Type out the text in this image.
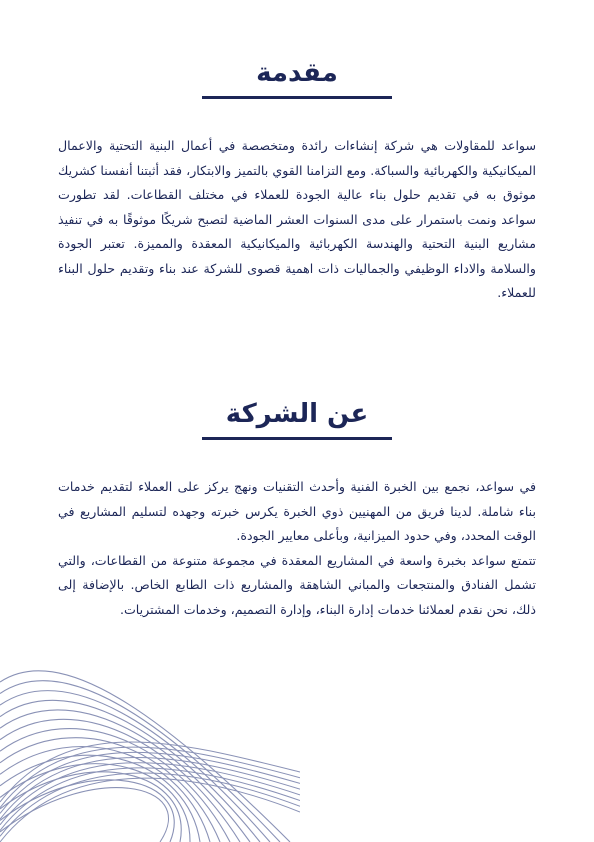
مقدمة

سواعد للمقاولات هي شركة إنشاءات رائدة ومتخصصة في أعمال البنية التحتية والاعمال الميكانيكية والكهربائية والسباكة. ومع التزامنا القوي بالتميز والابتكار، فقد أثبتنا أنفسنا كشريك موثوق به في تقديم حلول بناء عالية الجودة للعملاء في مختلف القطاعات. لقد تطورت سواعد ونمت باستمرار على مدى السنوات العشر الماضية لتصبح شريكًا موثوقًا به في تنفيذ مشاريع البنية التحتية والهندسة الكهربائية والميكانيكية المعقدة والمميزة. تعتبر الجودة والسلامة والاداء الوظيفي والجماليات ذات اهمية قصوى للشركة عند بناء وتقديم حلول البناء للعملاء.

عن الشركة

في سواعد، نجمع بين الخبرة الفنية وأحدث التقنيات ونهج يركز على العملاء لتقديم خدمات بناء شاملة. لدينا فريق من المهنيين ذوي الخبرة يكرس خبرته وجهده لتسليم المشاريع في الوقت المحدد، وفي حدود الميزانية، وبأعلى معايير الجودة.

تتمتع سواعد بخبرة واسعة في المشاريع المعقدة في مجموعة متنوعة من القطاعات، والتي تشمل الفنادق والمنتجعات والمباني الشاهقة والمشاريع ذات الطابع الخاص. بالإضافة إلى ذلك، نحن نقدم لعملائنا خدمات إدارة البناء، وإدارة التصميم، وخدمات المشتريات.
